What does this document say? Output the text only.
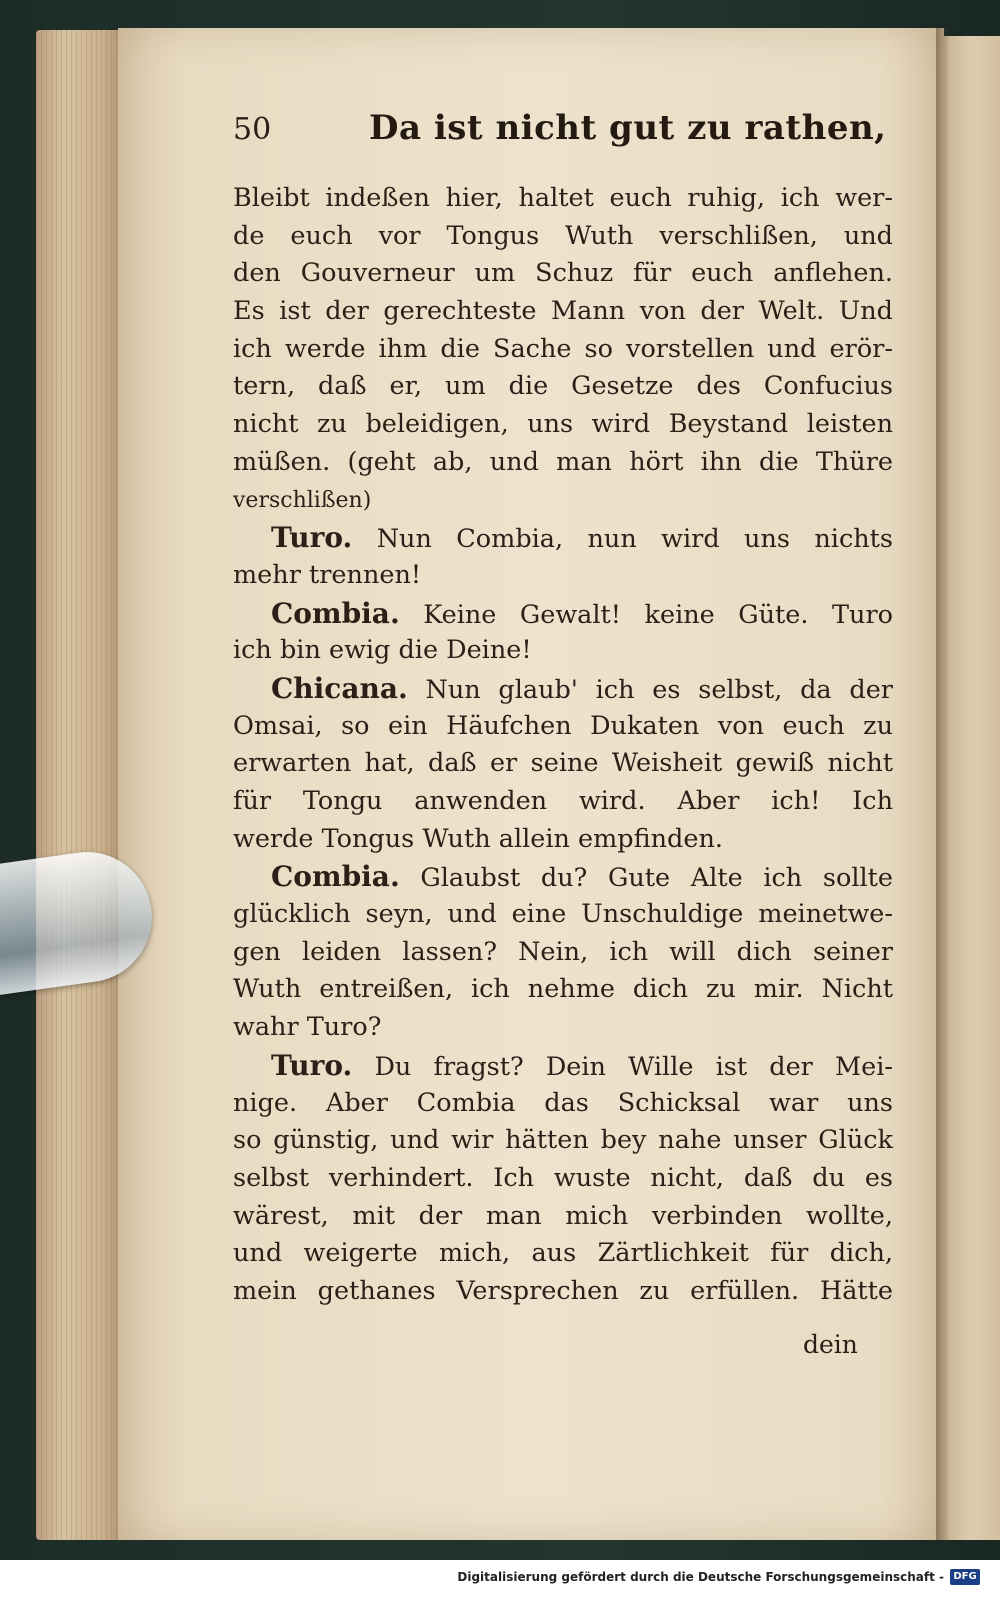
50	Da ist nicht gut zu rathen,
Bleibt indeßen hier, haltet euch ruhig, ich wer-
de euch vor Tongus Wuth verschlißen, und
den Gouverneur um Schuz für euch anflehen.
Es ist der gerechteste Mann von der Welt. Und
ich werde ihm die Sache so vorstellen und erör-
tern, daß er, um die Gesetze des Confucius
nicht zu beleidigen, uns wird Beystand leisten
müßen. (geht ab, und man hört ihn die Thüre
verschlißen)
Turo. Nun Combia, nun wird uns nichts
mehr trennen!
Combia. Keine Gewalt! keine Güte. Turo
ich bin ewig die Deine!
Chicana. Nun glaub' ich es selbst, da der
Omsai, so ein Häufchen Dukaten von euch zu
erwarten hat, daß er seine Weisheit gewiß nicht
für Tongu anwenden wird. Aber ich! Ich
werde Tongus Wuth allein empfinden.
Combia. Glaubst du? Gute Alte ich sollte
glücklich seyn, und eine Unschuldige meinetwe-
gen leiden lassen? Nein, ich will dich seiner
Wuth entreißen, ich nehme dich zu mir. Nicht
wahr Turo?
Turo. Du fragst? Dein Wille ist der Mei-
nige. Aber Combia das Schicksal war uns
so günstig, und wir hätten bey nahe unser Glück
selbst verhindert. Ich wuste nicht, daß du es
wärest, mit der man mich verbinden wollte,
und weigerte mich, aus Zärtlichkeit für dich,
mein gethanes Versprechen zu erfüllen. Hätte
dein
Digitalisierung gefördert durch die Deutsche Forschungsgemeinschaft - DFG
